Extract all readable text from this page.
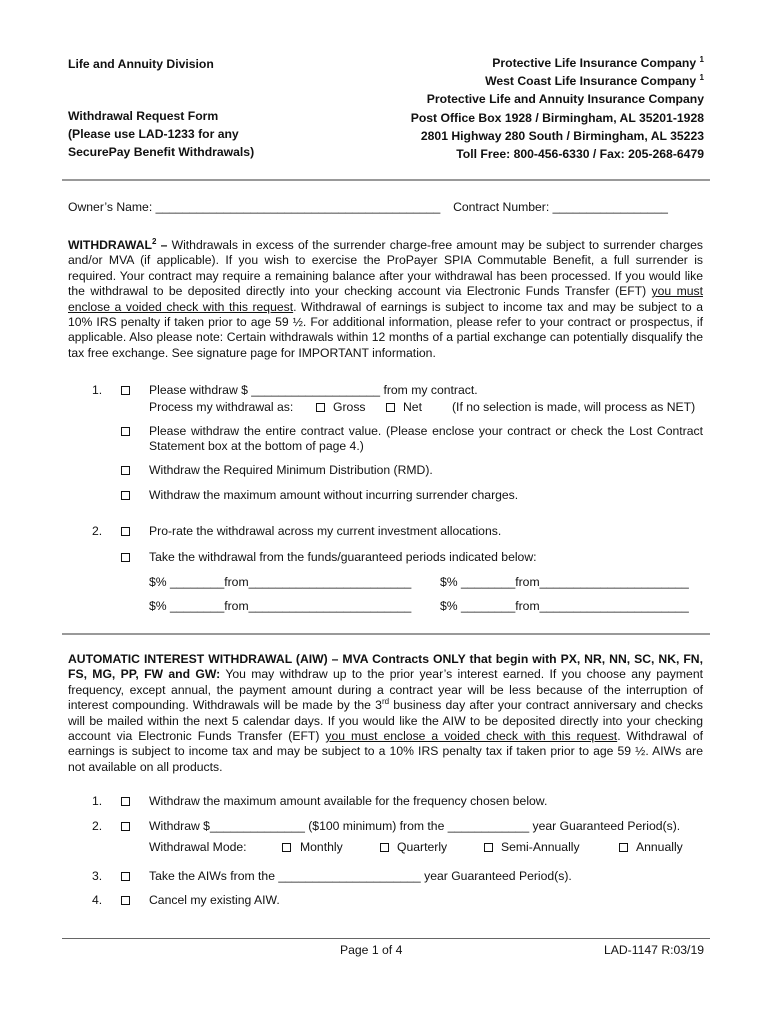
Life and Annuity Division
Withdrawal Request Form
(Please use LAD-1233 for any
SecurePay Benefit Withdrawals)
Protective Life Insurance Company $^1$
West Coast Life Insurance Company $^1$
Protective Life and Annuity Insurance Company
Post Office Box 1928 / Birmingham, AL 35201-1928
2801 Highway 280 South / Birmingham, AL 35223
Toll Free: 800-456-6330 / Fax: 205-268-6479
Owner’s Name: __________________________________________ Contract Number: _________________
WITHDRAWAL$^2$ – Withdrawals in excess of the surrender charge-free amount may be subject to surrender charges and/or MVA (if applicable). If you wish to exercise the ProPayer SPIA Commutable Benefit, a full surrender is required. Your contract may require a remaining balance after your withdrawal has been processed. If you would like the withdrawal to be deposited directly into your checking account via Electronic Funds Transfer (EFT) you must enclose a voided check with this request. Withdrawal of earnings is subject to income tax and may be subject to a 10% IRS penalty if taken prior to age 59 ½. For additional information, please refer to your contract or prospectus, if applicable. Also please note: Certain withdrawals within 12 months of a partial exchange can potentially disqualify the tax free exchange. See signature page for IMPORTANT information.
1.	Please withdraw $ ___________________ from my contract.
Process my withdrawal as:	Gross	Net (If no selection is made, will process as NET)
Please withdraw the entire contract value. (Please enclose your contract or check the Lost Contract Statement box at the bottom of page 4.)
Withdraw the Required Minimum Distribution (RMD).
Withdraw the maximum amount without incurring surrender charges.
2.	Pro-rate the withdrawal across my current investment allocations.
Take the withdrawal from the funds/guaranteed periods indicated below:
$% ________from________________________ $% ________from______________________
$% ________from________________________ $% ________from______________________
AUTOMATIC INTEREST WITHDRAWAL (AIW) – MVA Contracts ONLY that begin with PX, NR, NN, SC, NK, FN, FS, MG, PP, FW and GW: You may withdraw up to the prior year’s interest earned. If you choose any payment frequency, except annual, the payment amount during a contract year will be less because of the interruption of interest compounding. Withdrawals will be made by the 3rd business day after your contract anniversary and checks will be mailed within the next 5 calendar days. If you would like the AIW to be deposited directly into your checking account via Electronic Funds Transfer (EFT) you must enclose a voided check with this request. Withdrawal of earnings is subject to income tax and may be subject to a 10% IRS penalty tax if taken prior to age 59 ½. AIWs are not available on all products.
1.	Withdraw the maximum amount available for the frequency chosen below.
2.	Withdraw $______________ ($100 minimum) from the ____________ year Guaranteed Period(s).
Withdrawal Mode:	Monthly	Quarterly	Semi-Annually	Annually
3.	Take the AIWs from the _____________________ year Guaranteed Period(s).
4.	Cancel my existing AIW.
Page 1 of 4	LAD-1147 R:03/19
